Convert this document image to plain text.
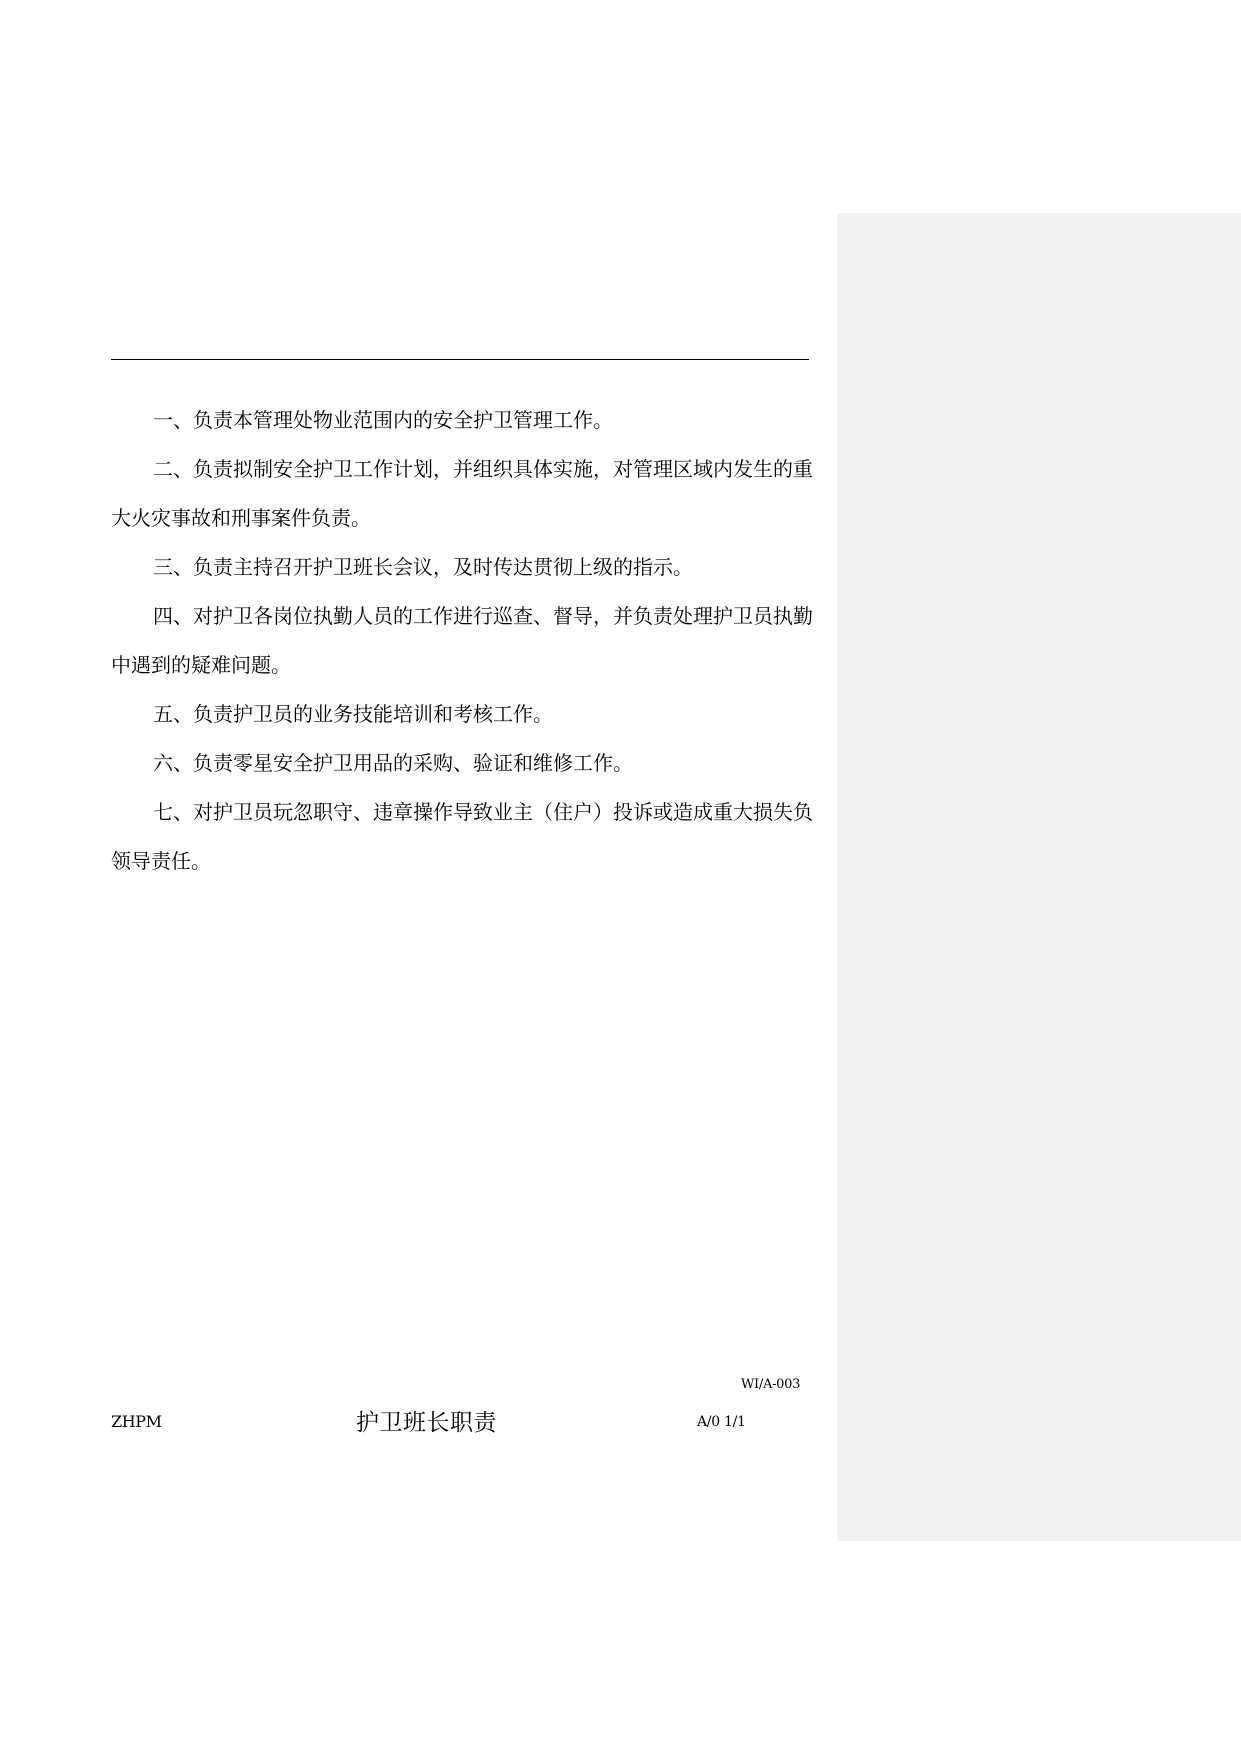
一、负责本管理处物业范围内的安全护卫管理工作。

二、负责拟制安全护卫工作计划，并组织具体实施，对管理区域内发生的重大火灾事故和刑事案件负责。

三、负责主持召开护卫班长会议，及时传达贯彻上级的指示。

四、对护卫各岗位执勤人员的工作进行巡查、督导，并负责处理护卫员执勤中遇到的疑难问题。

五、负责护卫员的业务技能培训和考核工作。

六、负责零星安全护卫用品的采购、验证和维修工作。

七、对护卫员玩忽职守、违章操作导致业主（住户）投诉或造成重大损失负领导责任。

WI/A-003
ZHPM	护卫班长职责	A/0 1/1
